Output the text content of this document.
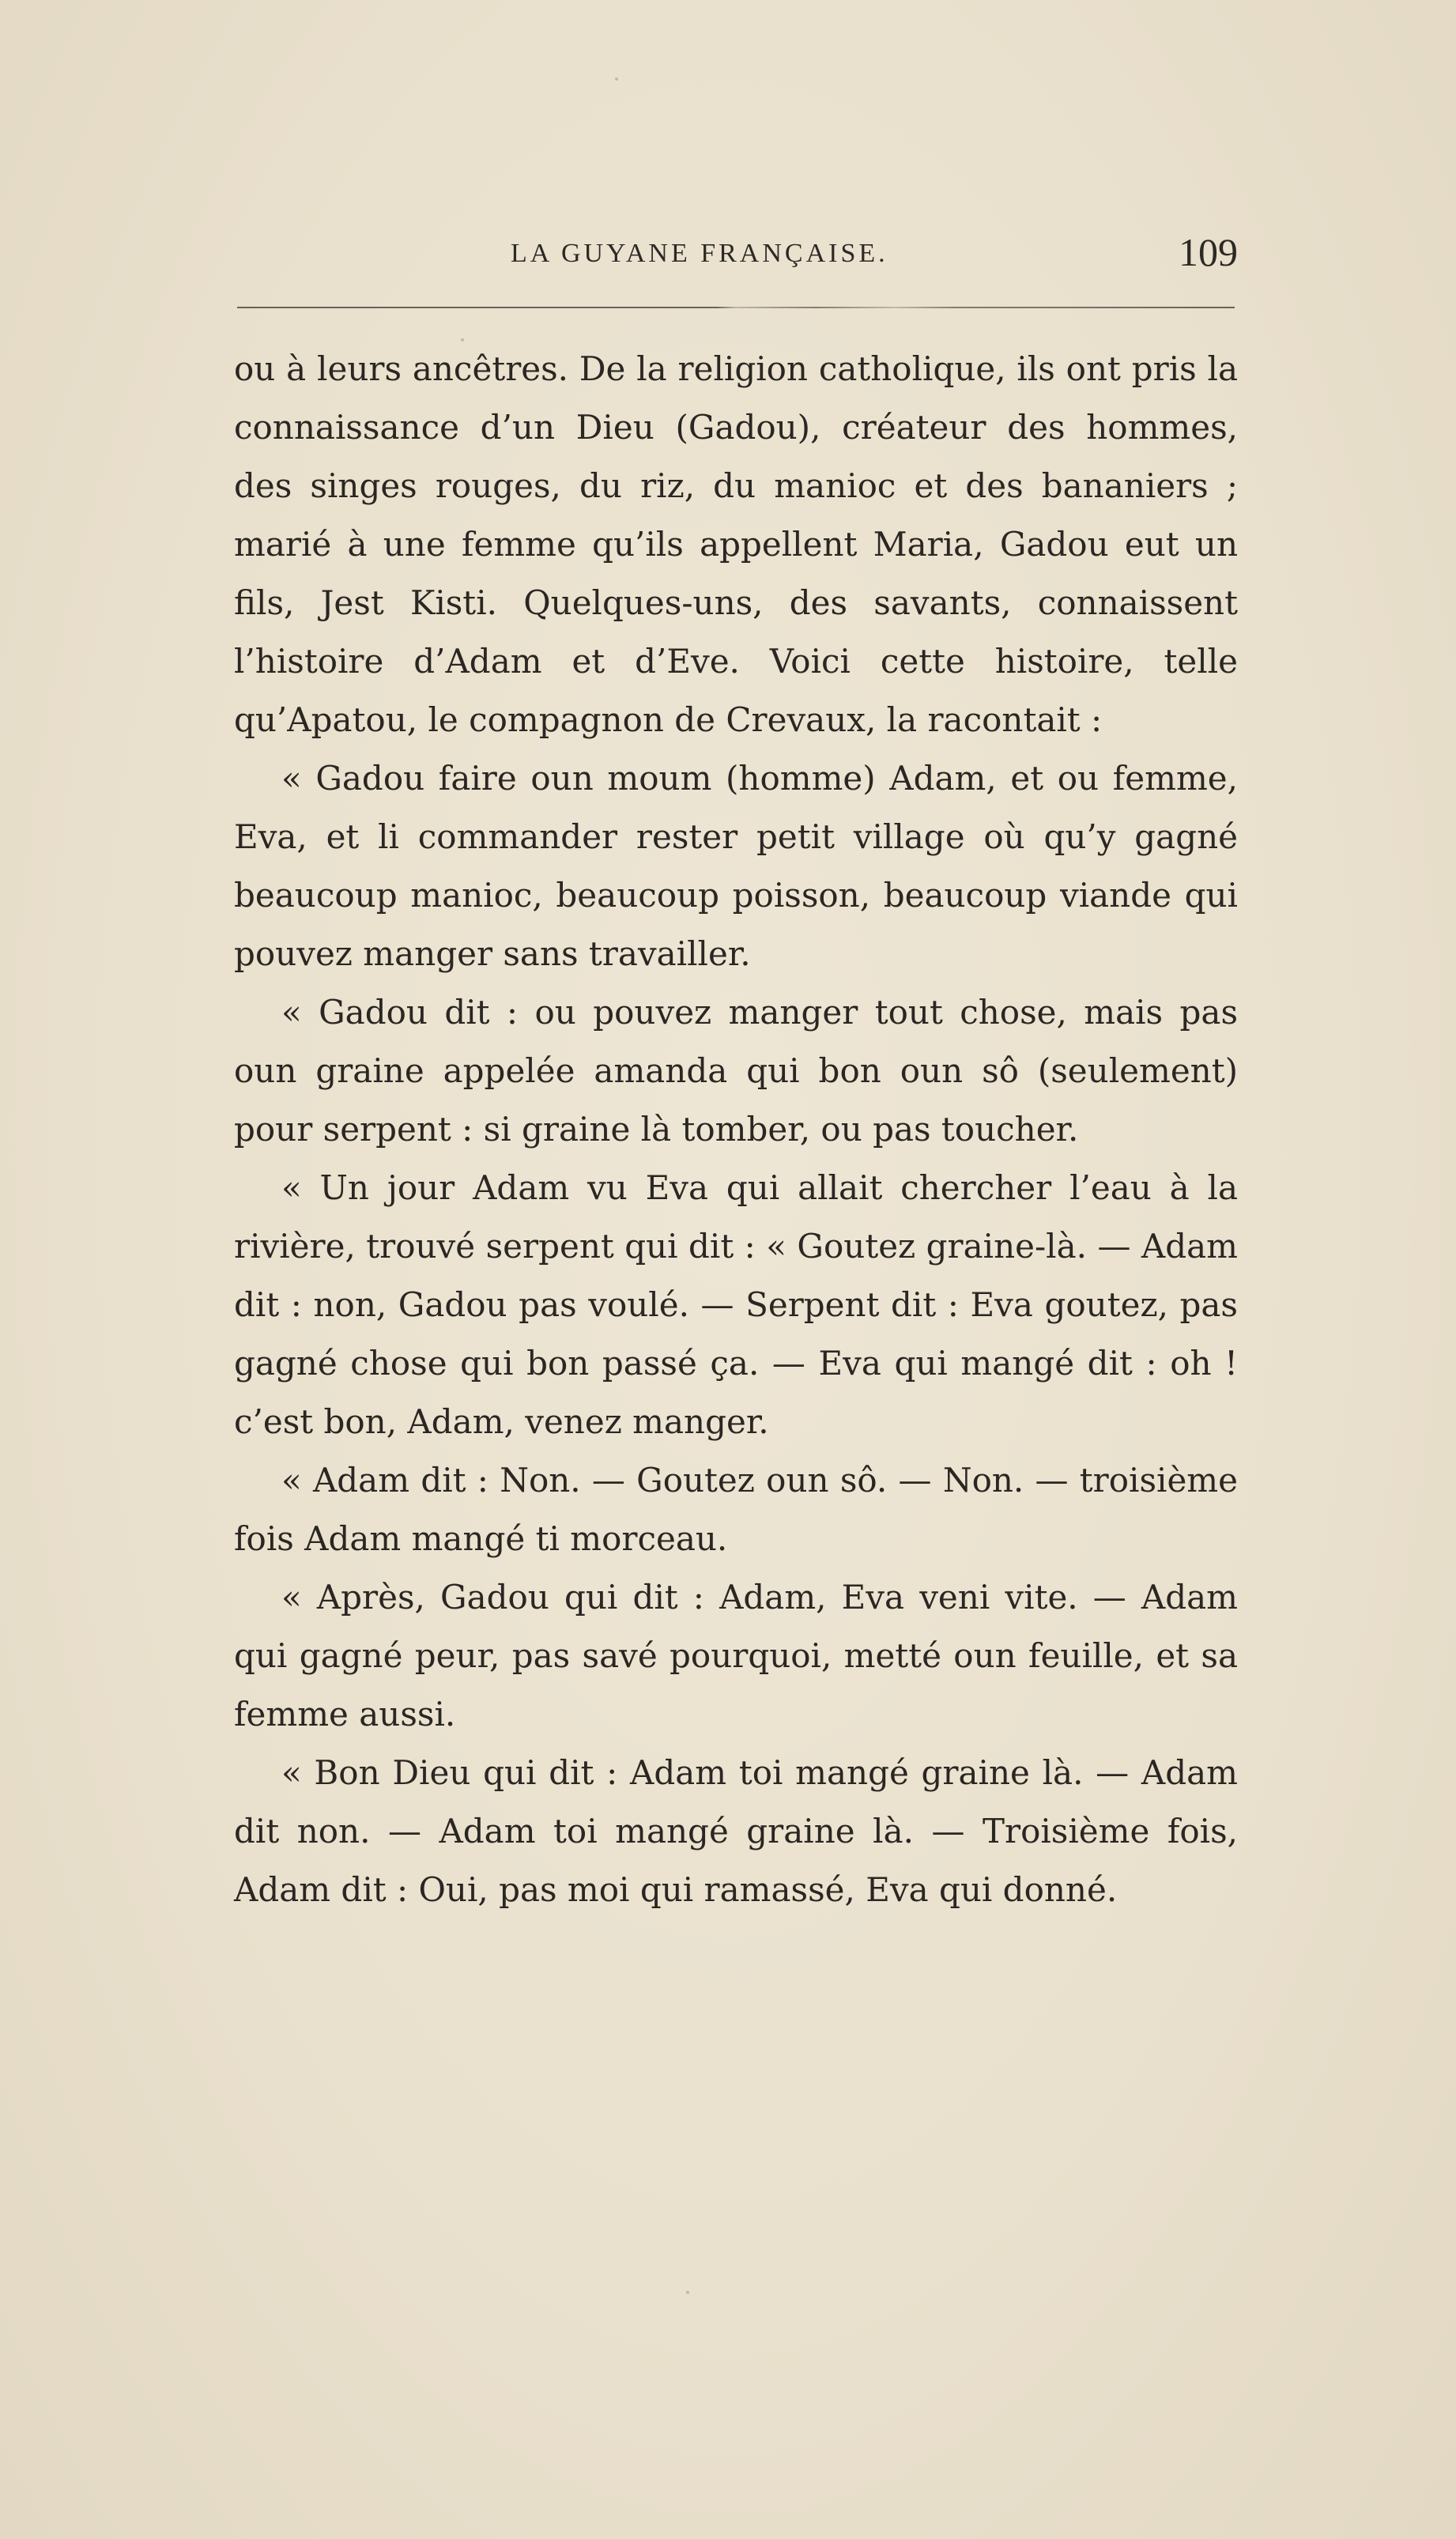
LA GUYANE FRANÇAISE.	109

ou à leurs ancêtres. De la religion catholique, ils ont pris la connaissance d’un Dieu (Gadou), créateur des hommes, des singes rouges, du riz, du manioc et des bananiers ; marié à une femme qu’ils appellent Maria, Gadou eut un fils, Jest Kisti. Quelques-uns, des savants, connaissent l’histoire d’Adam et d’Eve. Voici cette histoire, telle qu’Apatou, le compagnon de Crevaux, la racontait :

« Gadou faire oun moum (homme) Adam, et ou femme, Eva, et li commander rester petit village où qu’y gagné beaucoup manioc, beaucoup poisson, beaucoup viande qui pouvez manger sans travailler.

« Gadou dit : ou pouvez manger tout chose, mais pas oun graine appelée amanda qui bon oun sô (seulement) pour serpent : si graine là tomber, ou pas toucher.

« Un jour Adam vu Eva qui allait chercher l’eau à la rivière, trouvé serpent qui dit : « Goutez graine-là. — Adam dit : non, Gadou pas voulé. — Serpent dit : Eva goutez, pas gagné chose qui bon passé ça. — Eva qui mangé dit : oh ! c’est bon, Adam, venez manger.

« Adam dit : Non. — Goutez oun sô. — Non. — troisième fois Adam mangé ti morceau.

« Après, Gadou qui dit : Adam, Eva veni vite. — Adam qui gagné peur, pas savé pourquoi, metté oun feuille, et sa femme aussi.

« Bon Dieu qui dit : Adam toi mangé graine là. — Adam dit non. — Adam toi mangé graine là. — Troisième fois, Adam dit : Oui, pas moi qui ramassé, Eva qui donné.
